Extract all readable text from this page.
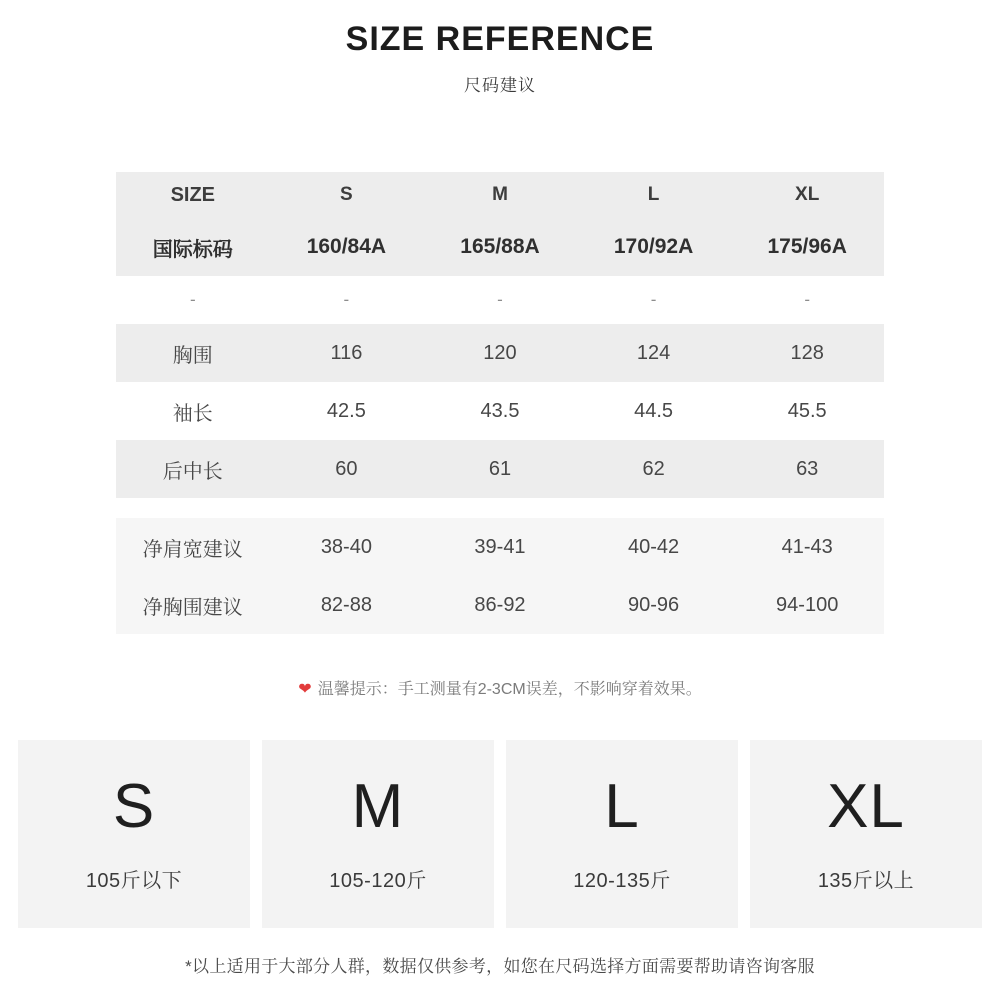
SIZE REFERENCE
尺码建议
SIZE	S	M	L	XL
国际标码	160/84A	165/88A	170/92A	175/96A
-	-	-	-	-
胸围	116	120	124	128
袖长	42.5	43.5	44.5	45.5
后中长	60	61	62	63

净肩宽建议	38-40	39-41	40-42	41-43
净胸围建议	82-88	86-92	90-96	94-100
❤ 温馨提示：手工测量有2-3CM误差，不影响穿着效果。
S
105斤以下
M
105-120斤
L
120-135斤
XL
135斤以上
*以上适用于大部分人群，数据仅供参考，如您在尺码选择方面需要帮助请咨询客服
